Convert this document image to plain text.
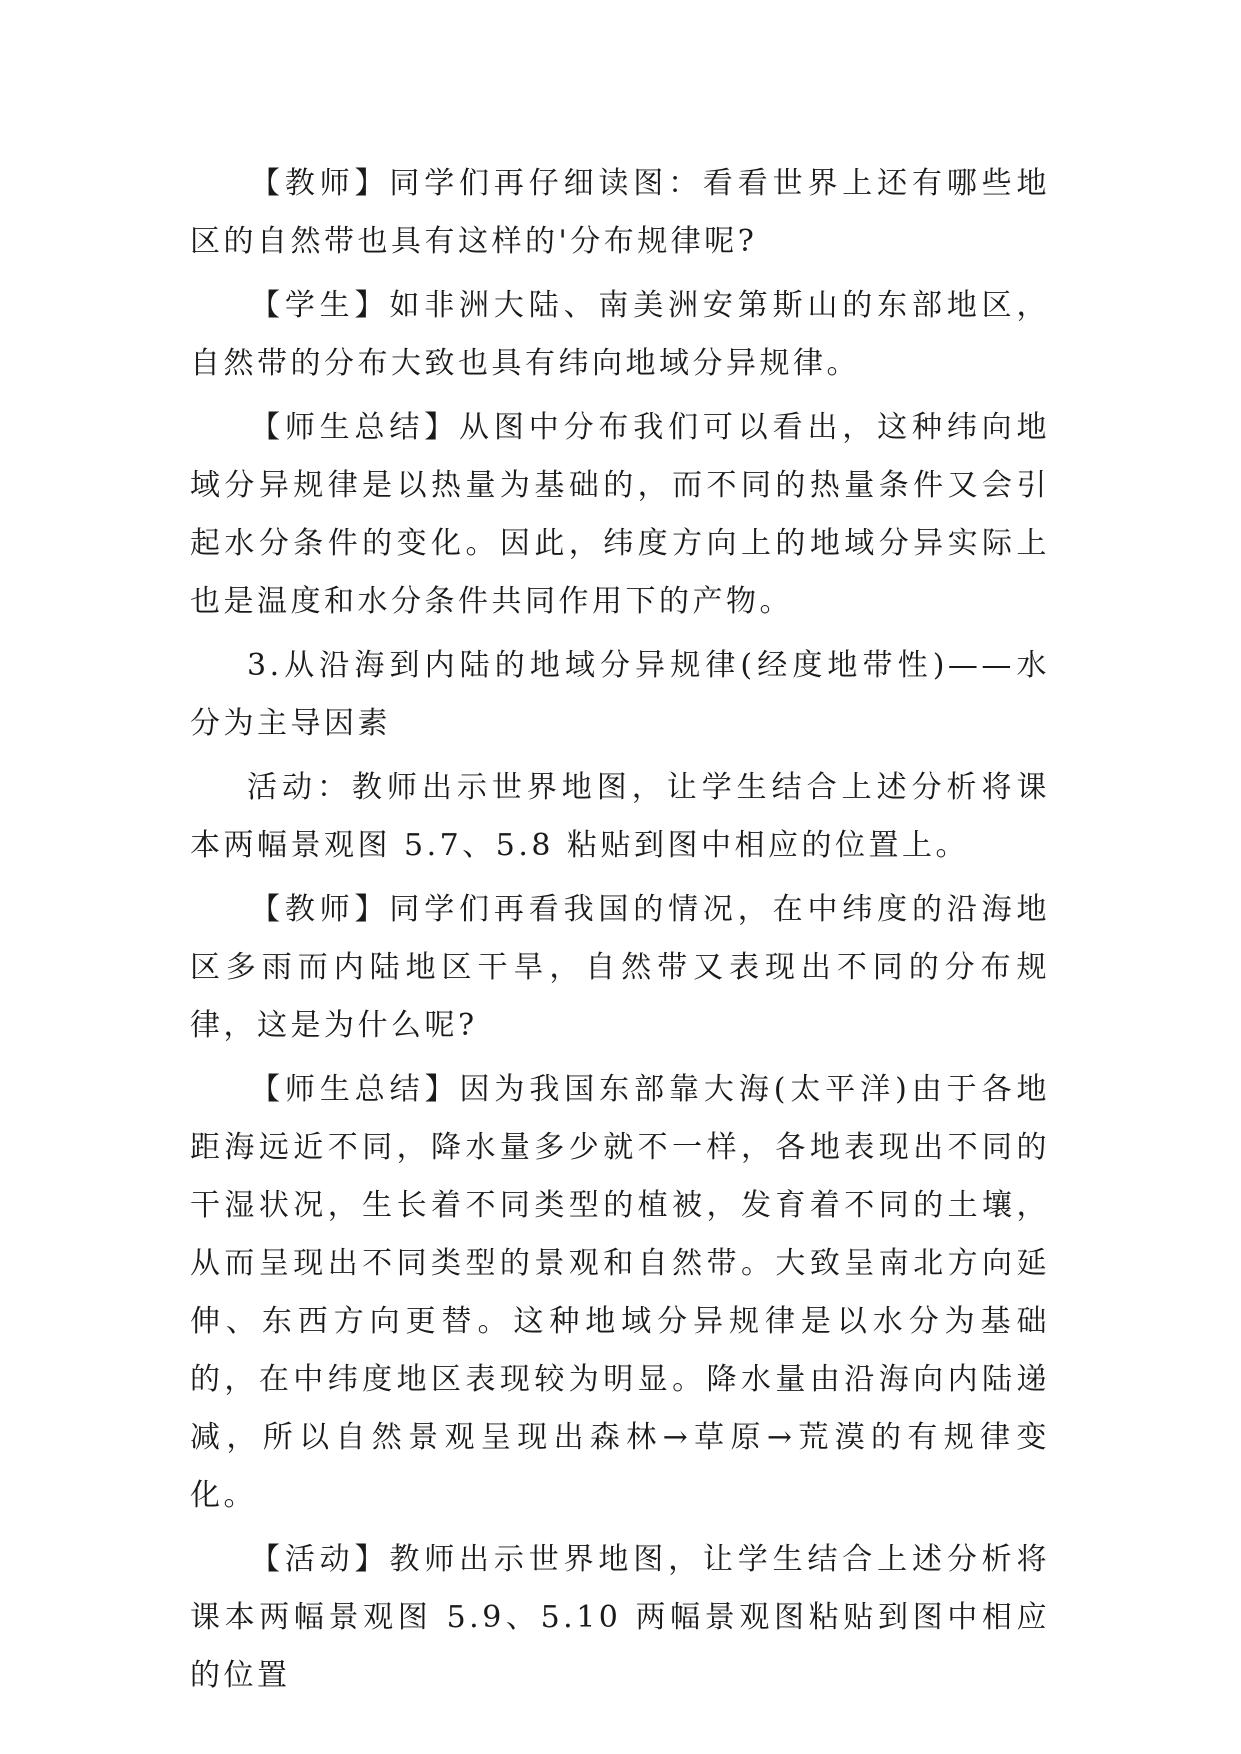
【教师】同学们再仔细读图：看看世界上还有哪些地区的自然带也具有这样的'分布规律呢?

【学生】如非洲大陆、南美洲安第斯山的东部地区，自然带的分布大致也具有纬向地域分异规律。

【师生总结】从图中分布我们可以看出，这种纬向地域分异规律是以热量为基础的，而不同的热量条件又会引起水分条件的变化。因此，纬度方向上的地域分异实际上也是温度和水分条件共同作用下的产物。

3.从沿海到内陆的地域分异规律(经度地带性)——水分为主导因素

活动：教师出示世界地图，让学生结合上述分析将课本两幅景观图 5.7、5.8 粘贴到图中相应的位置上。

【教师】同学们再看我国的情况，在中纬度的沿海地区多雨而内陆地区干旱，自然带又表现出不同的分布规律，这是为什么呢?

【师生总结】因为我国东部靠大海(太平洋)由于各地距海远近不同，降水量多少就不一样，各地表现出不同的干湿状况，生长着不同类型的植被，发育着不同的土壤，从而呈现出不同类型的景观和自然带。大致呈南北方向延伸、东西方向更替。这种地域分异规律是以水分为基础的，在中纬度地区表现较为明显。降水量由沿海向内陆递减，所以自然景观呈现出森林→草原→荒漠的有规律变化。

【活动】教师出示世界地图，让学生结合上述分析将课本两幅景观图 5.9、5.10 两幅景观图粘贴到图中相应的位置
